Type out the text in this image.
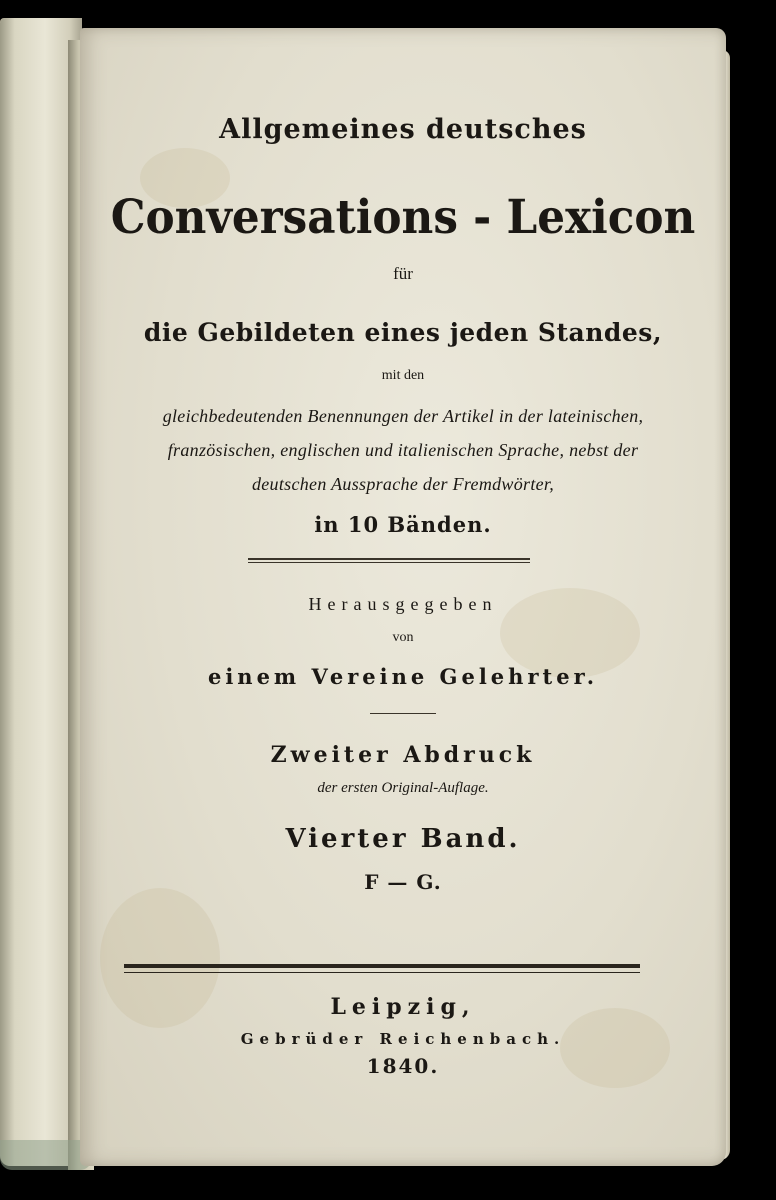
Allgemeines deutsches
Conversations - Lexicon
für
die Gebildeten eines jeden Standes,
mit den
gleichbedeutenden Benennungen der Artikel in der lateinischen,
französischen, englischen und italienischen Sprache, nebst der
deutschen Aussprache der Fremdwörter,
in 10 Bänden.
Herausgegeben
von
einem Vereine Gelehrter.
Zweiter Abdruck
der ersten Original-Auflage.
Vierter Band.
F — G.
Leipzig,
Gebrüder Reichenbach.
1840.
